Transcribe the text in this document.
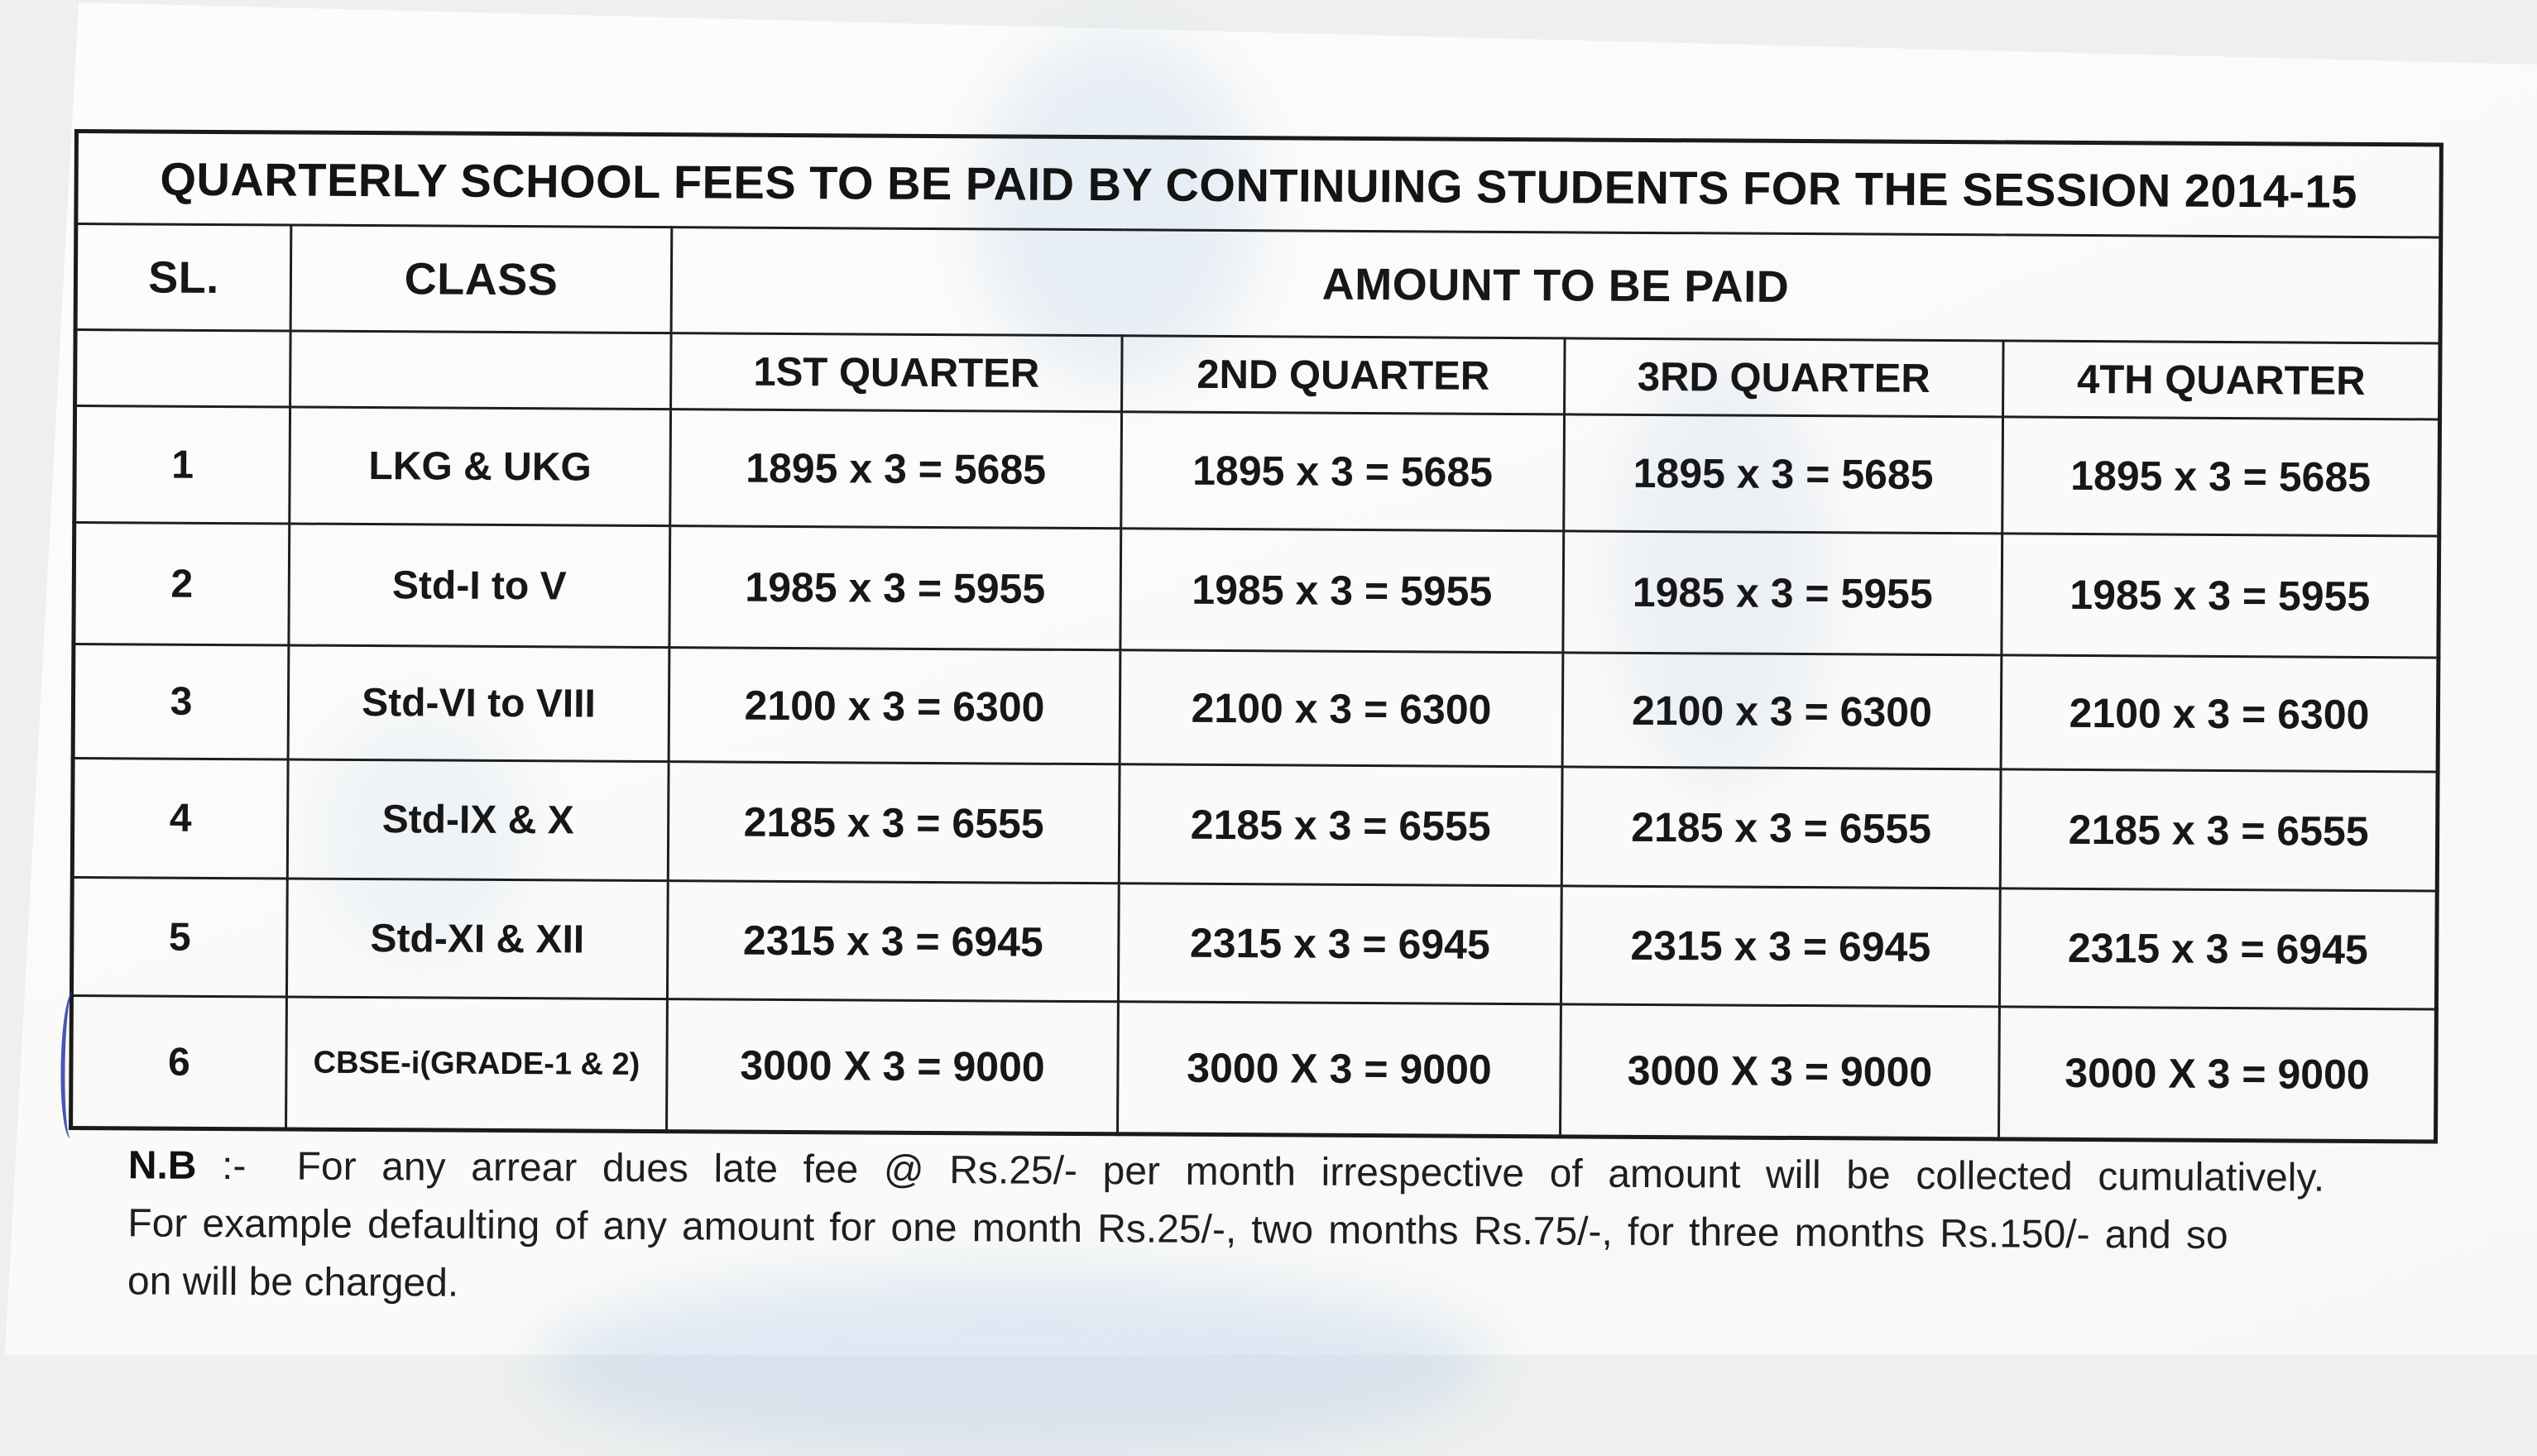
QUARTERLY SCHOOL FEES TO BE PAID BY CONTINUING STUDENTS FOR THE SESSION 2014-15					
SL.	CLASS	AMOUNT TO BE PAID			
		1ST QUARTER	2ND QUARTER	3RD QUARTER	4TH QUARTER
1	LKG & UKG	1895 x 3 = 5685	1895 x 3 = 5685	1895 x 3 = 5685	1895 x 3 = 5685
2	Std-I to V	1985 x 3 = 5955	1985 x 3 = 5955	1985 x 3 = 5955	1985 x 3 = 5955
3	Std-VI to VIII	2100 x 3 = 6300	2100 x 3 = 6300	2100 x 3 = 6300	2100 x 3 = 6300
4	Std-IX & X	2185 x 3 = 6555	2185 x 3 = 6555	2185 x 3 = 6555	2185 x 3 = 6555
5	Std-XI & XII	2315 x 3 = 6945	2315 x 3 = 6945	2315 x 3 = 6945	2315 x 3 = 6945
6	CBSE-i(GRADE-1 & 2)	3000 X 3 = 9000	3000 X 3 = 9000	3000 X 3 = 9000	3000 X 3 = 9000
N.B :- For any arrear dues late fee @ Rs.25/- per month irrespective of amount will be collected cumulatively.
For example defaulting of any amount for one month Rs.25/-, two months Rs.75/-, for three months Rs.150/- and so
on will be charged.
